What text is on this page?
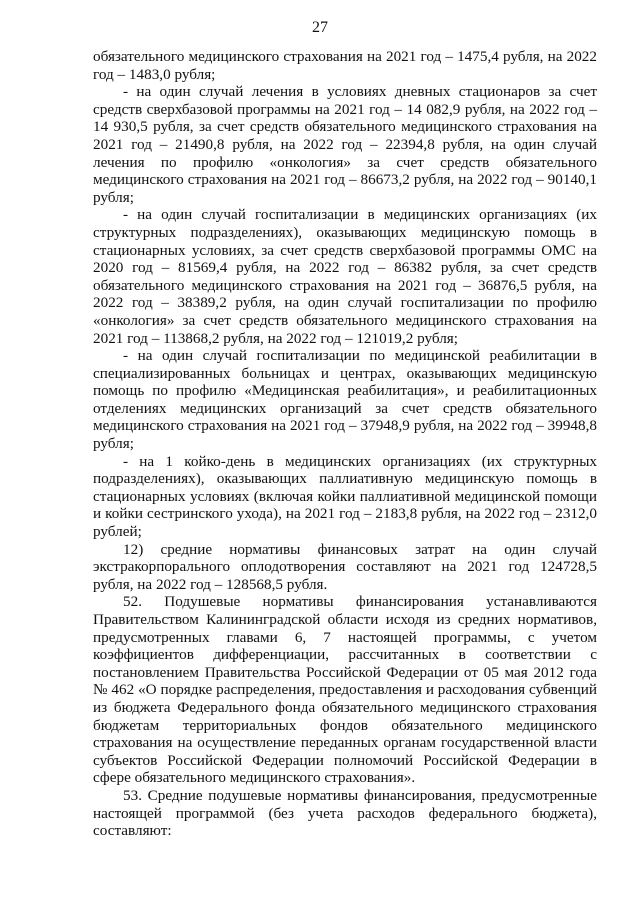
27

обязательного медицинского страхования на 2021 год – 1475,4 рубля, на 2022 год – 1483,0 рубля;

- на один случай лечения в условиях дневных стационаров за счет средств сверхбазовой программы на 2021 год – 14 082,9 рубля, на 2022 год – 14 930,5 рубля, за счет средств обязательного медицинского страхования на 2021 год – 21490,8 рубля, на 2022 год – 22394,8 рубля, на один случай лечения по профилю «онкология» за счет средств обязательного медицинского страхования на 2021 год – 86673,2 рубля, на 2022 год – 90140,1 рубля;

- на один случай госпитализации в медицинских организациях (их структурных подразделениях), оказывающих медицинскую помощь в стационарных условиях, за счет средств сверхбазовой программы ОМС на 2020 год – 81569,4 рубля, на 2022 год – 86382 рубля, за счет средств обязательного медицинского страхования на 2021 год – 36876,5 рубля, на 2022 год – 38389,2 рубля, на один случай госпитализации по профилю «онкология» за счет средств обязательного медицинского страхования на 2021 год – 113868,2 рубля, на 2022 год – 121019,2 рубля;

- на один случай госпитализации по медицинской реабилитации в специализированных больницах и центрах, оказывающих медицинскую помощь по профилю «Медицинская реабилитация», и реабилитационных отделениях медицинских организаций за счет средств обязательного медицинского страхования на 2021 год – 37948,9 рубля, на 2022 год – 39948,8 рубля;

- на 1 койко-день в медицинских организациях (их структурных подразделениях), оказывающих паллиативную медицинскую помощь в стационарных условиях (включая койки паллиативной медицинской помощи и койки сестринского ухода), на 2021 год – 2183,8 рубля, на 2022 год – 2312,0 рублей;

12) средние нормативы финансовых затрат на один случай экстракорпорального оплодотворения составляют на 2021 год 124728,5 рубля, на 2022 год – 128568,5 рубля.

52. Подушевые нормативы финансирования устанавливаются Правительством Калининградской области исходя из средних нормативов, предусмотренных главами 6, 7 настоящей программы, с учетом коэффициентов дифференциации, рассчитанных в соответствии с постановлением Правительства Российской Федерации от 05 мая 2012 года № 462 «О порядке распределения, предоставления и расходования субвенций из бюджета Федерального фонда обязательного медицинского страхования бюджетам территориальных фондов обязательного медицинского страхования на осуществление переданных органам государственной власти субъектов Российской Федерации полномочий Российской Федерации в сфере обязательного медицинского страхования».

53. Средние подушевые нормативы финансирования, предусмотренные настоящей программой (без учета расходов федерального бюджета), составляют:
